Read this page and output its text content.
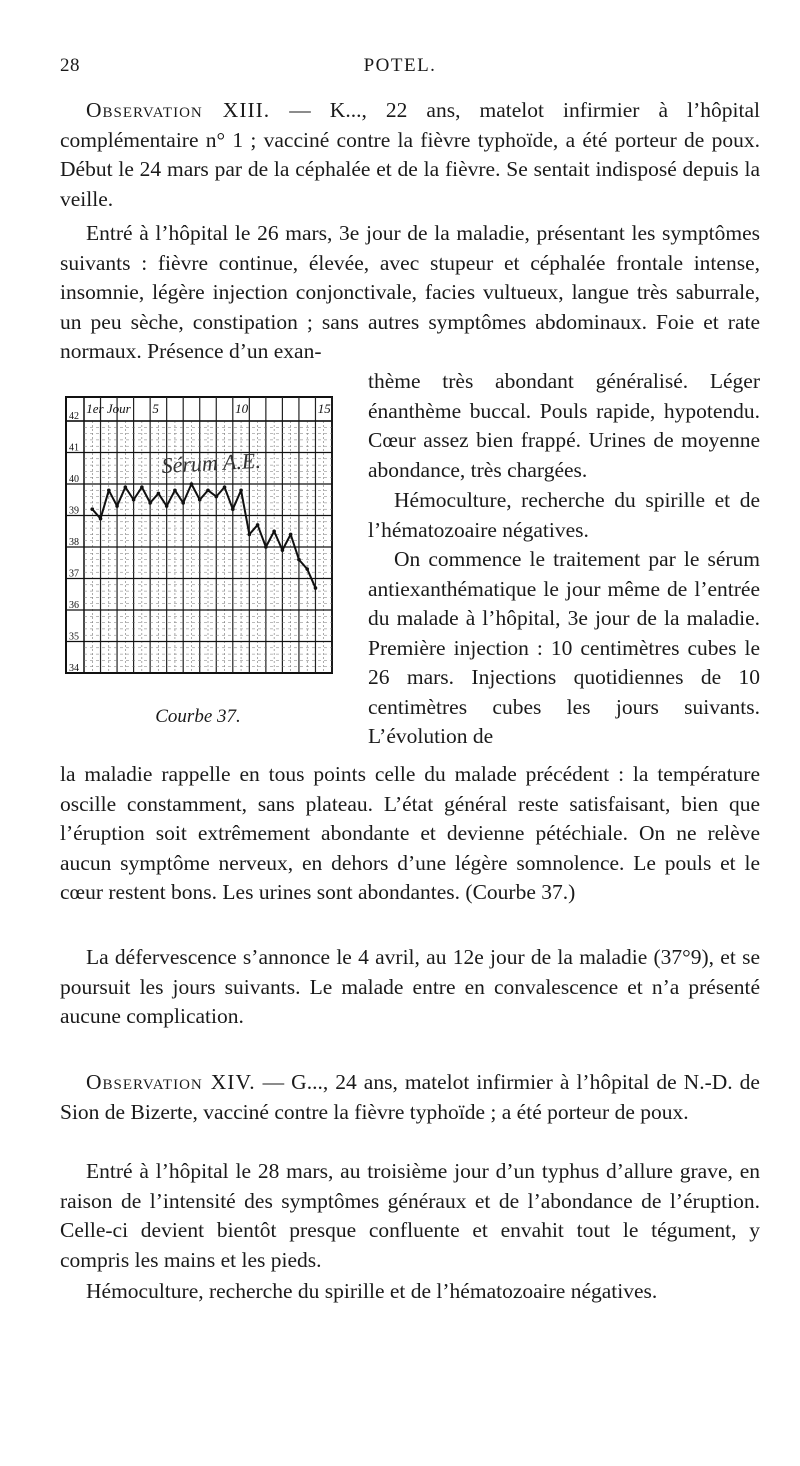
28	POTEL.

Observation XIII. — K..., 22 ans, matelot infirmier à l’hôpital complémentaire n° 1 ; vacciné contre la fièvre typhoïde, a été porteur de poux. Début le 24 mars par de la céphalée et de la fièvre. Se sentait indisposé depuis la veille.

Entré à l’hôpital le 26 mars, 3e jour de la maladie, présentant les symptômes suivants : fièvre continue, élevée, avec stupeur et céphalée frontale intense, insomnie, légère injection conjonctivale, facies vultueux, langue très saburrale, un peu sèche, constipation ; sans autres symptômes abdominaux. Foie et rate normaux. Présence d’un exan-

thème très abondant généralisé. Léger énanthème buccal. Pouls rapide, hypotendu. Cœur assez bien frappé. Urines de moyenne abondance, très chargées.

Hémoculture, recherche du spirille et de l’hématozoaire négatives.

On commence le traitement par le sérum antiexanthématique le jour même de l’entrée du malade à l’hôpital, 3e jour de la maladie. Première injection : 10 centimètres cubes le 26 mars. Injections quotidiennes de 10 centimètres cubes les jours suivants. L’évolution de

42
41
40
39
38
37
36
35
34
1er Jour 5	10	15
Sérum A.E.
Courbe 37.

la maladie rappelle en tous points celle du malade précédent : la température oscille constamment, sans plateau. L’état général reste satisfaisant, bien que l’éruption soit extrêmement abondante et devienne pétéchiale. On ne relève aucun symptôme nerveux, en dehors d’une légère somnolence. Le pouls et le cœur restent bons. Les urines sont abondantes. (Courbe 37.)

La défervescence s’annonce le 4 avril, au 12e jour de la maladie (37°9), et se poursuit les jours suivants. Le malade entre en convalescence et n’a présenté aucune complication.

Observation XIV. — G..., 24 ans, matelot infirmier à l’hôpital de N.-D. de Sion de Bizerte, vacciné contre la fièvre typhoïde ; a été porteur de poux.

Entré à l’hôpital le 28 mars, au troisième jour d’un typhus d’allure grave, en raison de l’intensité des symptômes généraux et de l’abondance de l’éruption. Celle-ci devient bientôt presque confluente et envahit tout le tégument, y compris les mains et les pieds.

Hémoculture, recherche du spirille et de l’hématozoaire négatives.
